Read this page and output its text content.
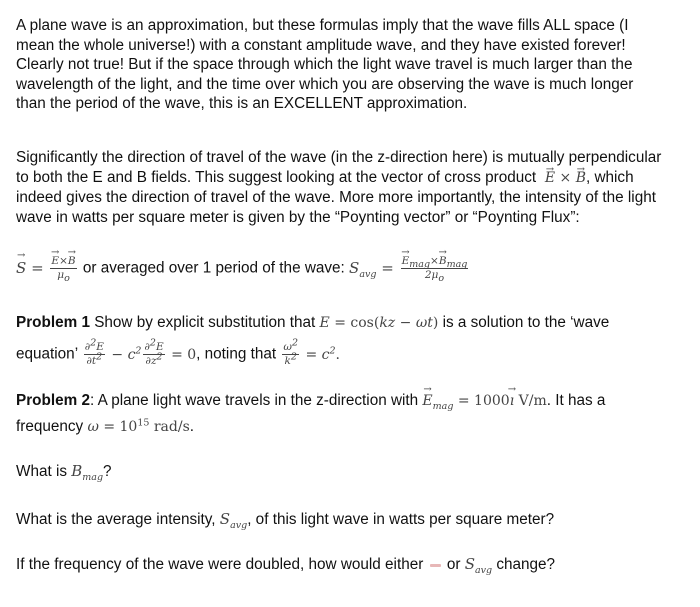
A plane wave is an approximation, but these formulas imply that the wave fills ALL space (I
mean the whole universe!) with a constant amplitude wave, and they have existed forever!
Clearly not true! But if the space through which the light wave travel is much larger than the
wavelength of the light, and the time over which you are observing the wave is much longer
than the period of the wave, this is an EXCELLENT approximation.

Significantly the direction of travel of the wave (in the z-direction here) is mutually perpendicular
to both the E and B fields. This suggest looking at the vector of cross product → E × → B, which
indeed gives the direction of travel of the wave. More more importantly, the intensity of the light
wave in watts per square meter is given by the “Poynting vector” or “Poynting Flux”:

→ S = → $\frac{E\times\to B}{\mu_o}$ or averaged over 1 period of the wave: $S_{avg}$ = → $\frac{E_{mag}\times\to B_{mag}}{2\mu_o}$
Problem 1 Show by explicit substitution that E = cos(kz − ωt) is a solution to the ‘wave
equation’ $\frac{\partial^2E}{\partial t^2} - c^2 \frac{\partial^2E}{\partial z^2} = 0$, noting that $\frac{\omega^2}{k^2} = c^2$.
Problem 2: A plane light wave travels in the z-direction with → $E_{mag} = 1000\to$ ı V/m. It has a
frequency $\omega = 10^{15}$ rad/s.
What is $B_{mag}$?
What is the average intensity, $S_{avg}$, of this light wave in watts per square meter?
If the frequency of the wave were doubled, how would either or $S_{avg}$ change?
